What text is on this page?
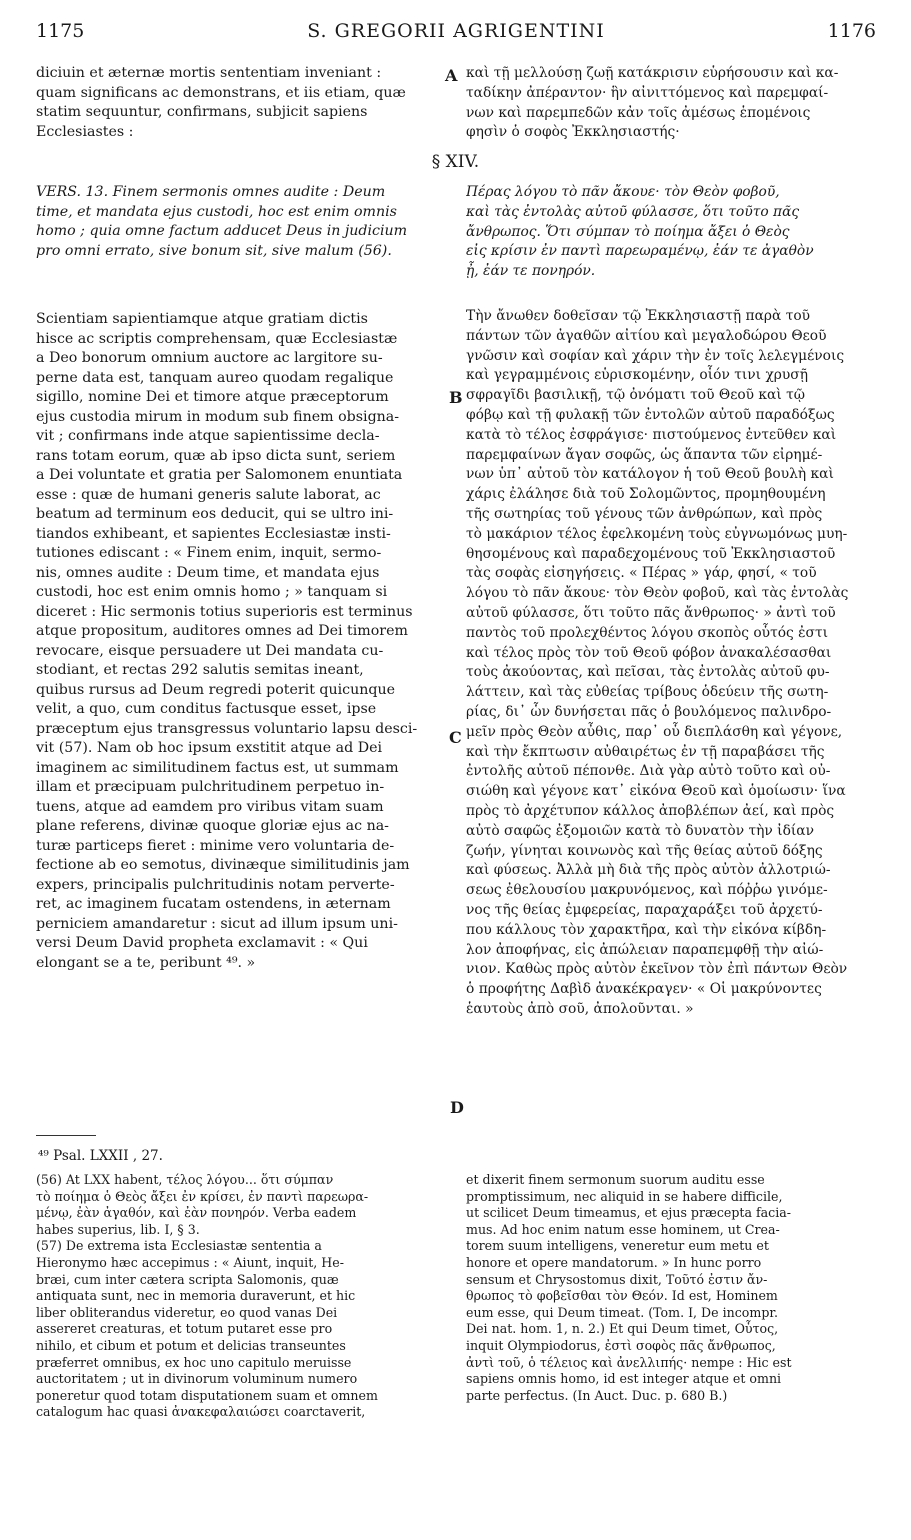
1175	S. GREGORII AGRIGENTINI	1176
diciuin et æternæ mortis sententiam inveniant :
quam significans ac demonstrans, et iis etiam, quæ
statim sequuntur, confirmans, subjicit sapiens
Ecclesiastes :
καὶ τῇ μελλούσῃ ζωῇ κατάκρισιν εὑρήσουσιν καὶ κα-
ταδίκην ἀπέραντον· ἣν αἰνιττόμενος καὶ παρεμφαί-
νων καὶ παρεμπεδῶν κἀν τοῖς ἀμέσως ἑπομένοις
φησὶν ὁ σοφὸς Ἐκκλησιαστής·
§ XIV.
VERS. 13. Finem sermonis omnes audite : Deum
time, et mandata ejus custodi, hoc est enim omnis
homo ; quia omne factum adducet Deus in judicium
pro omni errato, sive bonum sit, sive malum (56).
Πέρας λόγου τὸ πᾶν ἄκουε· τὸν Θεὸν φοβοῦ,
καὶ τὰς ἐντολὰς αὐτοῦ φύλασσε, ὅτι τοῦτο πᾶς
ἄνθρωπος. Ὅτι σύμπαν τὸ ποίημα ἄξει ὁ Θεὸς
εἰς κρίσιν ἐν παντὶ παρεωραμένῳ, ἐάν τε ἀγαθὸν
ᾖ, ἐάν τε πονηρόν.
Scientiam sapientiamque atque gratiam dictis
hisce ac scriptis comprehensam, quæ Ecclesiastæ
a Deo bonorum omnium auctore ac largitore su-
perne data est, tanquam aureo quodam regalique
sigillo, nomine Dei et timore atque præceptorum
ejus custodia mirum in modum sub finem obsigna-
vit ; confirmans inde atque sapientissime decla-
rans totam eorum, quæ ab ipso dicta sunt, seriem
a Dei voluntate et gratia per Salomonem enuntiata
esse : quæ de humani generis salute laborat, ac
beatum ad terminum eos deducit, qui se ultro ini-
tiandos exhibeant, et sapientes Ecclesiastæ insti-
tutiones ediscant : « Finem enim, inquit, sermo-
nis, omnes audite : Deum time, et mandata ejus
custodi, hoc est enim omnis homo ; » tanquam si
diceret : Hic sermonis totius superioris est terminus
atque propositum, auditores omnes ad Dei timorem
revocare, eisque persuadere ut Dei mandata cu-
stodiant, et rectas 292 salutis semitas ineant,
quibus rursus ad Deum regredi poterit quicunque
velit, a quo, cum conditus factusque esset, ipse
præceptum ejus transgressus voluntario lapsu desci-
vit (57). Nam ob hoc ipsum exstitit atque ad Dei
imaginem ac similitudinem factus est, ut summam
illam et præcipuam pulchritudinem perpetuo in-
tuens, atque ad eamdem pro viribus vitam suam
plane referens, divinæ quoque gloriæ ejus ac na-
turæ particeps fieret : minime vero voluntaria de-
fectione ab eo semotus, divinæque similitudinis jam
expers, principalis pulchritudinis notam perverte-
ret, ac imaginem fucatam ostendens, in æternam
perniciem amandaretur : sicut ad illum ipsum uni-
versi Deum David propheta exclamavit : « Qui
elongant se a te, peribunt ⁴⁹. »
Τὴν ἄνωθεν δοθεῖσαν τῷ Ἐκκλησιαστῇ παρὰ τοῦ
πάντων τῶν ἀγαθῶν αἰτίου καὶ μεγαλοδώρου Θεοῦ
γνῶσιν καὶ σοφίαν καὶ χάριν τὴν ἐν τοῖς λελεγμένοις
καὶ γεγραμμένοις εὑρισκομένην, οἷόν τινι χρυσῇ
σφραγῖδι βασιλικῇ, τῷ ὀνόματι τοῦ Θεοῦ καὶ τῷ
φόβῳ καὶ τῇ φυλακῇ τῶν ἐντολῶν αὐτοῦ παραδόξως
κατὰ τὸ τέλος ἐσφράγισε· πιστούμενος ἐντεῦθεν καὶ
παρεμφαίνων ἄγαν σοφῶς, ὡς ἅπαντα τῶν εἰρημέ-
νων ὑπ᾿ αὐτοῦ τὸν κατάλογον ἡ τοῦ Θεοῦ βουλὴ καὶ
χάρις ἐλάλησε διὰ τοῦ Σολομῶντος, προμηθουμένη
τῆς σωτηρίας τοῦ γένους τῶν ἀνθρώπων, καὶ πρὸς
τὸ μακάριον τέλος ἐφελκομένη τοὺς εὐγνωμόνως μυη-
θησομένους καὶ παραδεχομένους τοῦ Ἐκκλησιαστοῦ
τὰς σοφὰς εἰσηγήσεις. « Πέρας » γάρ, φησί, « τοῦ
λόγου τὸ πᾶν ἄκουε· τὸν Θεὸν φοβοῦ, καὶ τὰς ἐντολὰς
αὐτοῦ φύλασσε, ὅτι τοῦτο πᾶς ἄνθρωπος· » ἀντὶ τοῦ
παντὸς τοῦ προλεχθέντος λόγου σκοπὸς οὗτός ἐστι
καὶ τέλος πρὸς τὸν τοῦ Θεοῦ φόβον ἀνακαλέσασθαι
τοὺς ἀκούοντας, καὶ πεῖσαι, τὰς ἐντολὰς αὐτοῦ φυ-
λάττειν, καὶ τὰς εὐθείας τρίβους ὁδεύειν τῆς σωτη-
ρίας, δι᾿ ὧν δυνήσεται πᾶς ὁ βουλόμενος παλινδρο-
μεῖν πρὸς Θεὸν αὖθις, παρ᾿ οὗ διεπλάσθη καὶ γέγονε,
καὶ τὴν ἔκπτωσιν αὐθαιρέτως ἐν τῇ παραβάσει τῆς
ἐντολῆς αὐτοῦ πέπονθε. Διὰ γὰρ αὐτὸ τοῦτο καὶ οὐ-
σιώθη καὶ γέγονε κατ᾿ εἰκόνα Θεοῦ καὶ ὁμοίωσιν· ἵνα
πρὸς τὸ ἀρχέτυπον κάλλος ἀποβλέπων ἀεί, καὶ πρὸς
αὐτὸ σαφῶς ἐξομοιῶν κατὰ τὸ δυνατὸν τὴν ἰδίαν
ζωήν, γίνηται κοινωνὸς καὶ τῆς θείας αὐτοῦ δόξης
καὶ φύσεως. Ἀλλὰ μὴ διὰ τῆς πρὸς αὐτὸν ἀλλοτριώ-
σεως ἐθελουσίου μακρυνόμενος, καὶ πόῤῥω γινόμε-
νος τῆς θείας ἐμφερείας, παραχαράξει τοῦ ἀρχετύ-
που κάλλους τὸν χαρακτῆρα, καὶ τὴν εἰκόνα κίβδη-
λον ἀποφήνας, εἰς ἀπώλειαν παραπεμφθῇ τὴν αἰώ-
νιον. Καθὼς πρὸς αὐτὸν ἐκεῖνον τὸν ἐπὶ πάντων Θεὸν
ὁ προφήτης Δαβὶδ ἀνακέκραγεν· « Οἱ μακρύνοντες
ἑαυτοὺς ἀπὸ σοῦ, ἀπολοῦνται. »
A
B
C
D
⁴⁹ Psal. LXXII , 27.
(56) At LXX habent, τέλος λόγου... ὅτι σύμπαν
τὸ ποίημα ὁ Θεὸς ἄξει ἐν κρίσει, ἐν παντὶ παρεωρα-
μένῳ, ἐὰν ἀγαθόν, καὶ ἐὰν πονηρόν. Verba eadem
habes superius, lib. I, § 3.
(57) De extrema ista Ecclesiastæ sententia a
Hieronymo hæc accepimus : « Aiunt, inquit, He-
bræi, cum inter cætera scripta Salomonis, quæ
antiquata sunt, nec in memoria duraverunt, et hic
liber obliterandus videretur, eo quod vanas Dei
assereret creaturas, et totum putaret esse pro
nihilo, et cibum et potum et delicias transeuntes
præferret omnibus, ex hoc uno capitulo meruisse
auctoritatem ; ut in divinorum voluminum numero
poneretur quod totam disputationem suam et omnem
catalogum hac quasi ἀνακεφαλαιώσει coarctaverit,
et dixerit finem sermonum suorum auditu esse
promptissimum, nec aliquid in se habere difficile,
ut scilicet Deum timeamus, et ejus præcepta facia-
mus. Ad hoc enim natum esse hominem, ut Crea-
torem suum intelligens, veneretur eum metu et
honore et opere mandatorum. » In hunc porro
sensum et Chrysostomus dixit, Τοῦτό ἐστιν ἄν-
θρωπος τὸ φοβεῖσθαι τὸν Θεόν. Id est, Hominem
eum esse, qui Deum timeat. (Tom. I, De incompr.
Dei nat. hom. 1, n. 2.) Et qui Deum timet, Οὗτος,
inquit Olympiodorus, ἐστὶ σοφὸς πᾶς ἄνθρωπος,
ἀντὶ τοῦ, ὁ τέλειος καὶ ἀνελλιπής· nempe : Hic est
sapiens omnis homo, id est integer atque et omni
parte perfectus. (In Auct. Duc. p. 680 B.)
